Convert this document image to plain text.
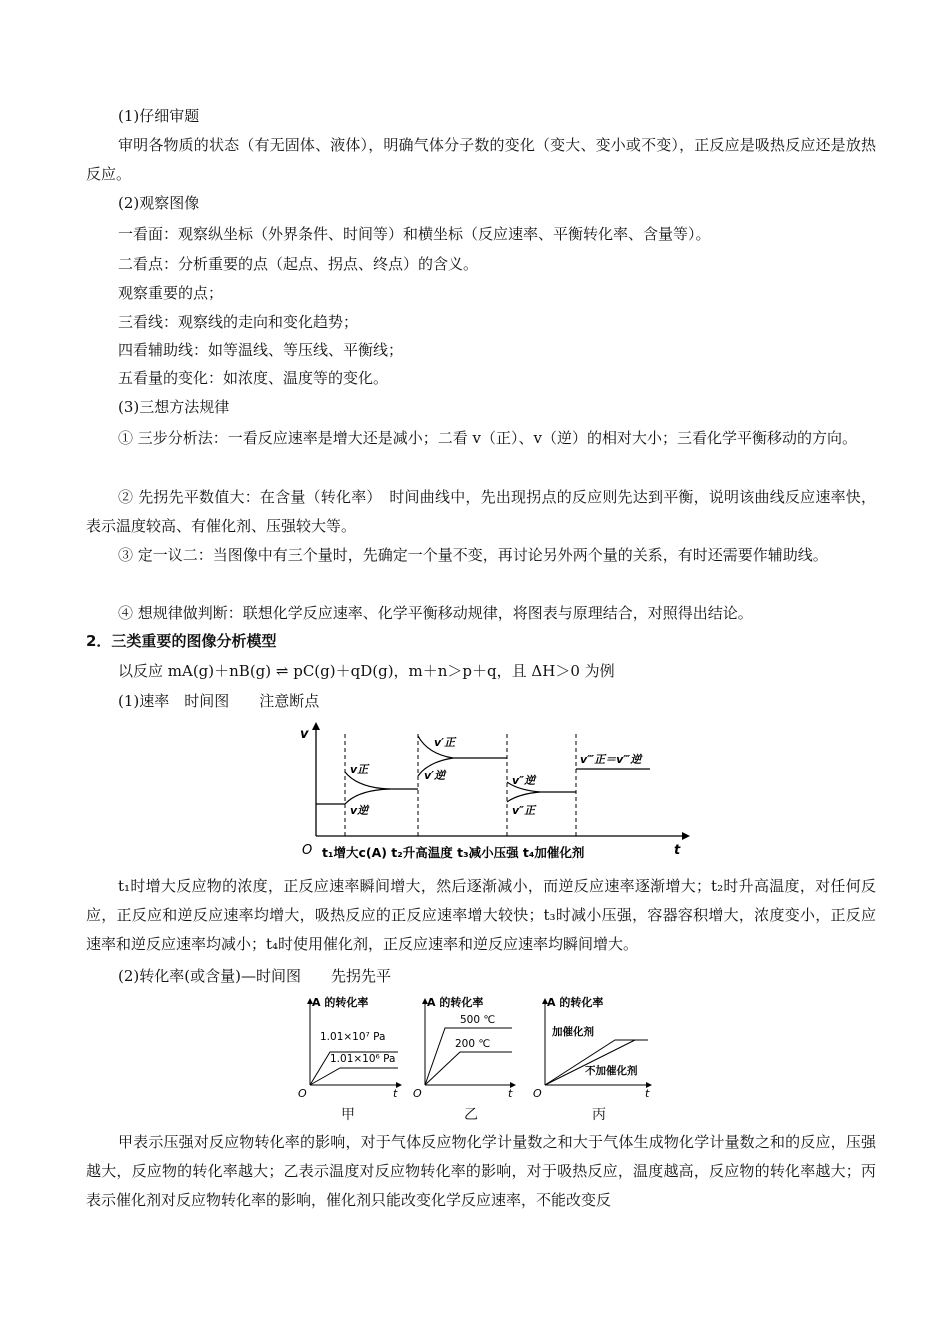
(1)仔细审题
审明各物质的状态（有无固体、液体），明确气体分子数的变化（变大、变小或不变），正反应是吸热反应还是放热反应。
(2)观察图像
一看面：观察纵坐标（外界条件、时间等）和横坐标（反应速率、平衡转化率、含量等）。
二看点：分析重要的点（起点、拐点、终点）的含义。
观察重要的点；
三看线：观察线的走向和变化趋势；
四看辅助线：如等温线、等压线、平衡线；
五看量的变化：如浓度、温度等的变化。
(3)三想方法规律
① 三步分析法：一看反应速率是增大还是减小；二看 v（正）、v（逆）的相对大小；三看化学平衡移动的方向。
② 先拐先平数值大：在含量（转化率）　时间曲线中，先出现拐点的反应则先达到平衡，说明该曲线反应速率快，表示温度较高、有催化剂、压强较大等。
③ 定一议二：当图像中有三个量时，先确定一个量不变，再讨论另外两个量的关系，有时还需要作辅助线。
④ 想规律做判断：联想化学反应速率、化学平衡移动规律，将图表与原理结合，对照得出结论。
2．三类重要的图像分析模型
以反应 mA(g)＋nB(g) ⇌ pC(g)＋qD(g)，m＋n＞p＋q，且 ΔH＞0 为例
(1)速率　时间图　　注意断点
v
O	t
v正
v逆
v′正
v′逆	v″逆
v″正
v‴正＝v‴逆
t₁增大c(A) t₂升高温度 t₃减小压强 t₄加催化剂
t₁时增大反应物的浓度，正反应速率瞬间增大，然后逐渐减小，而逆反应速率逐渐增大；t₂时升高温度，对任何反应，正反应和逆反应速率均增大，吸热反应的正反应速率增大较快；t₃时减小压强，容器容积增大，浓度变小，正反应速率和逆反应速率均减小；t₄时使用催化剂，正反应速率和逆反应速率均瞬间增大。
(2)转化率(或含量)—时间图　　先拐先平
A 的转化率
O	t
1.01×10⁷ Pa
1.01×10⁶ Pa
A 的转化率
O	t
500 ℃
200 ℃
A 的转化率
O	t
加催化剂
不加催化剂
甲	乙	丙
甲表示压强对反应物转化率的影响，对于气体反应物化学计量数之和大于气体生成物化学计量数之和的反应，压强越大，反应物的转化率越大；乙表示温度对反应物转化率的影响，对于吸热反应，温度越高，反应物的转化率越大；丙表示催化剂对反应物转化率的影响，催化剂只能改变化学反应速率，不能改变反
